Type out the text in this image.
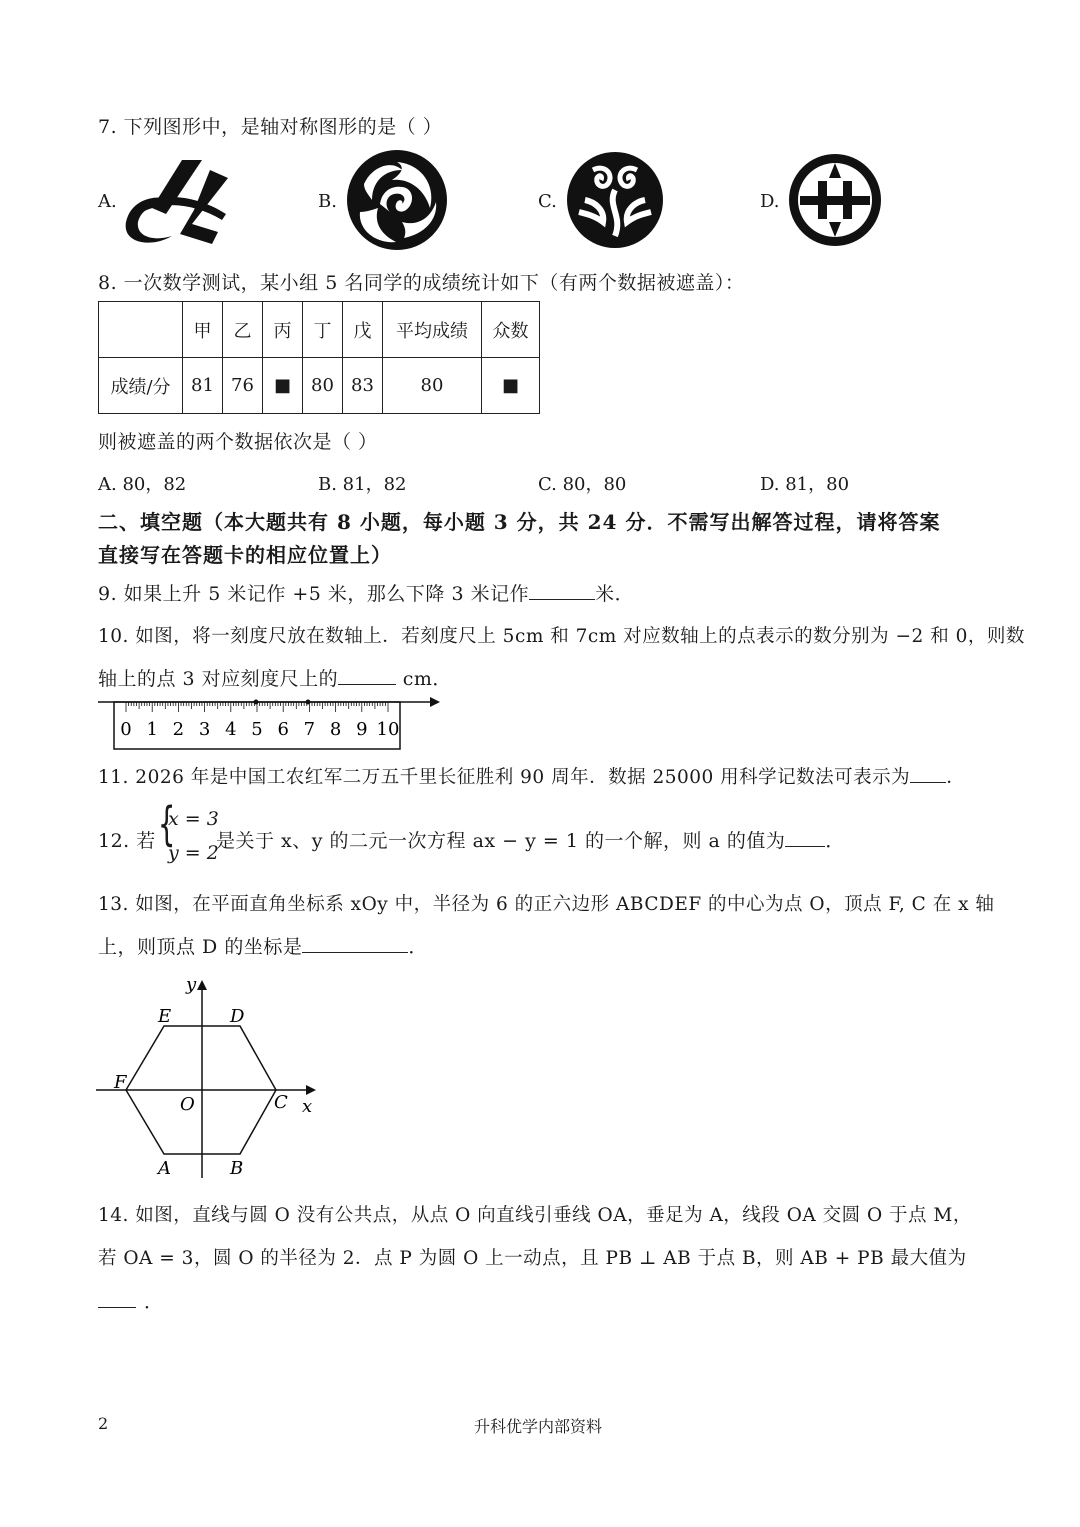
7. 下列图形中，是轴对称图形的是（ ）
A.	B.	C.	D.
8. 一次数学测试，某小组 5 名同学的成绩统计如下（有两个数据被遮盖）：
	甲	乙	丙	丁	戊	平均成绩	众数
成绩/分	81	76	■	80	83	80	■
则被遮盖的两个数据依次是（ ）
A. 80，82	B. 81，82	C. 80，80	D. 81，80
二、填空题（本大题共有 8 小题，每小题 3 分，共 24 分．不需写出解答过程，请将答案
直接写在答题卡的相应位置上）
9. 如果上升 5 米记作 +5 米，那么下降 3 米记作	米．
10. 如图，将一刻度尺放在数轴上．若刻度尺上 5cm 和 7cm 对应数轴上的点表示的数分别为 −2 和 0，则数
轴上的点 3 对应刻度尺上的	cm．
0 1 2 3 4 5 6 7 8 9 10
11. 2026 年是中国工农红军二万五千里长征胜利 90 周年．数据 25000 用科学记数法可表示为 ．
12. 若 {
x = 3
y = 2
是关于 x、y 的二元一次方程 ax − y = 1 的一个解，则 a 的值为 ．
13. 如图，在平面直角坐标系 xOy 中，半径为 6 的正六边形 ABCDEF 的中心为点 O，顶点 F, C 在 x 轴
上，则顶点 D 的坐标是	．
y
x
O
A	B
C
D
E
F
14. 如图，直线与圆 O 没有公共点，从点 O 向直线引垂线 OA，垂足为 A，线段 OA 交圆 O 于点 M，
若 OA = 3，圆 O 的半径为 2．点 P 为圆 O 上一动点，且 PB ⊥ AB 于点 B，则 AB + PB 最大值为
．
2	升科优学内部资料
